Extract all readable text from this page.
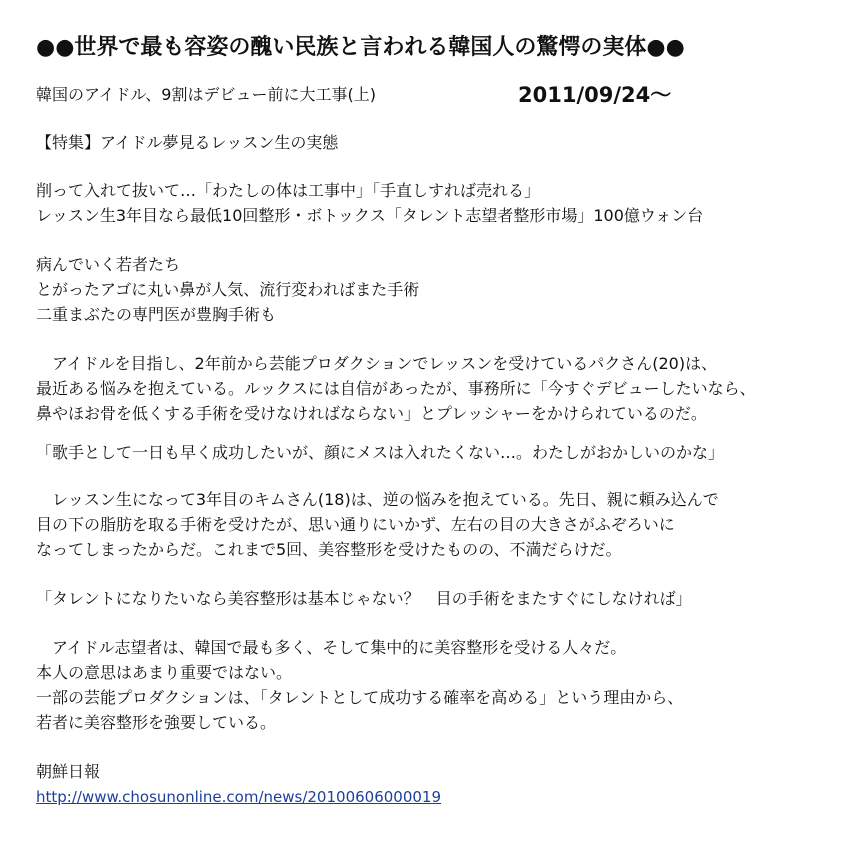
●●世界で最も容姿の醜い民族と言われる韓国人の驚愕の実体●●
韓国のアイドル、9割はデビュー前に大工事(上)	2011/09/24〜
【特集】アイドル夢見るレッスン生の実態
削って入れて抜いて…「わたしの体は工事中」「手直しすれば売れる」
レッスン生3年目なら最低10回整形・ボトックス「タレント志望者整形市場」100億ウォン台
病んでいく若者たち
とがったアゴに丸い鼻が人気、流行変わればまた手術
二重まぶたの専門医が豊胸手術も
　アイドルを目指し、2年前から芸能プロダクションでレッスンを受けているパクさん(20)は、
最近ある悩みを抱えている。ルックスには自信があったが、事務所に「今すぐデビューしたいなら、
鼻やほお骨を低くする手術を受けなければならない」とプレッシャーをかけられているのだ。
「歌手として一日も早く成功したいが、顔にメスは入れたくない…。わたしがおかしいのかな」
　レッスン生になって3年目のキムさん(18)は、逆の悩みを抱えている。先日、親に頼み込んで
目の下の脂肪を取る手術を受けたが、思い通りにいかず、左右の目の大きさがふぞろいに
なってしまったからだ。これまで5回、美容整形を受けたものの、不満だらけだ。
「タレントになりたいなら美容整形は基本じゃない？　目の手術をまたすぐにしなければ」
　アイドル志望者は、韓国で最も多く、そして集中的に美容整形を受ける人々だ。
本人の意思はあまり重要ではない。
一部の芸能プロダクションは、「タレントとして成功する確率を高める」という理由から、
若者に美容整形を強要している。
朝鮮日報
http://www.chosunonline.com/news/20100606000019
